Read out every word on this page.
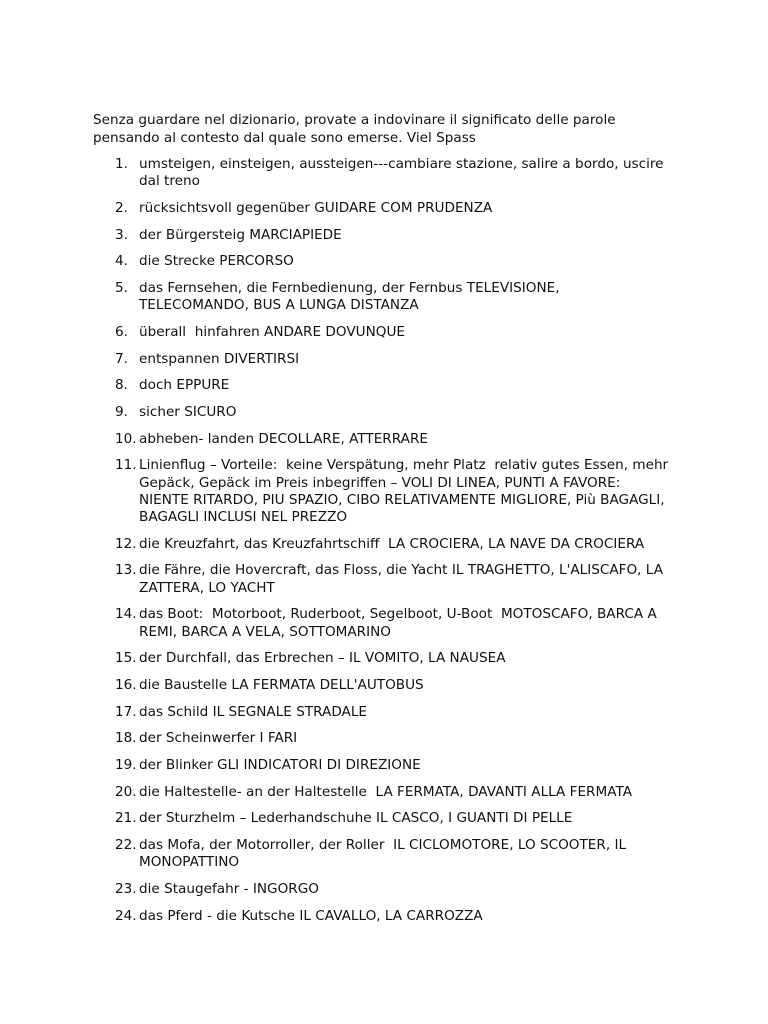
Senza guardare nel dizionario, provate a indovinare il significato delle parole pensando al contesto dal quale sono emerse. Viel Spass

1. umsteigen, einsteigen, aussteigen---cambiare stazione, salire a bordo, uscire dal treno
2. rücksichtsvoll gegenüber GUIDARE COM PRUDENZA
3. der Bürgersteig MARCIAPIEDE
4. die Strecke PERCORSO
5. das Fernsehen, die Fernbedienung, der Fernbus TELEVISIONE, TELECOMANDO, BUS A LUNGA DISTANZA
6. überall  hinfahren ANDARE DOVUNQUE
7. entspannen DIVERTIRSI
8. doch EPPURE
9. sicher SICURO
10. abheben- landen DECOLLARE, ATTERRARE
11. Linienflug – Vorteile:  keine Verspätung, mehr Platz  relativ gutes Essen, mehr Gepäck, Gepäck im Preis inbegriffen – VOLI DI LINEA, PUNTI A FAVORE: NIENTE RITARDO, PIU SPAZIO, CIBO RELATIVAMENTE MIGLIORE, Più BAGAGLI, BAGAGLI INCLUSI NEL PREZZO
12. die Kreuzfahrt, das Kreuzfahrtschiff  LA CROCIERA, LA NAVE DA CROCIERA
13. die Fähre, die Hovercraft, das Floss, die Yacht IL TRAGHETTO, L'ALISCAFO, LA ZATTERA, LO YACHT
14. das Boot:  Motorboot, Ruderboot, Segelboot, U-Boot  MOTOSCAFO, BARCA A REMI, BARCA A VELA, SOTTOMARINO
15. der Durchfall, das Erbrechen – IL VOMITO, LA NAUSEA
16. die Baustelle LA FERMATA DELL'AUTOBUS
17. das Schild IL SEGNALE STRADALE
18. der Scheinwerfer I FARI
19. der Blinker GLI INDICATORI DI DIREZIONE
20. die Haltestelle- an der Haltestelle  LA FERMATA, DAVANTI ALLA FERMATA
21. der Sturzhelm – Lederhandschuhe IL CASCO, I GUANTI DI PELLE
22. das Mofa, der Motorroller, der Roller  IL CICLOMOTORE, LO SCOOTER, IL MONOPATTINO
23. die Staugefahr - INGORGO
24. das Pferd - die Kutsche IL CAVALLO, LA CARROZZA
